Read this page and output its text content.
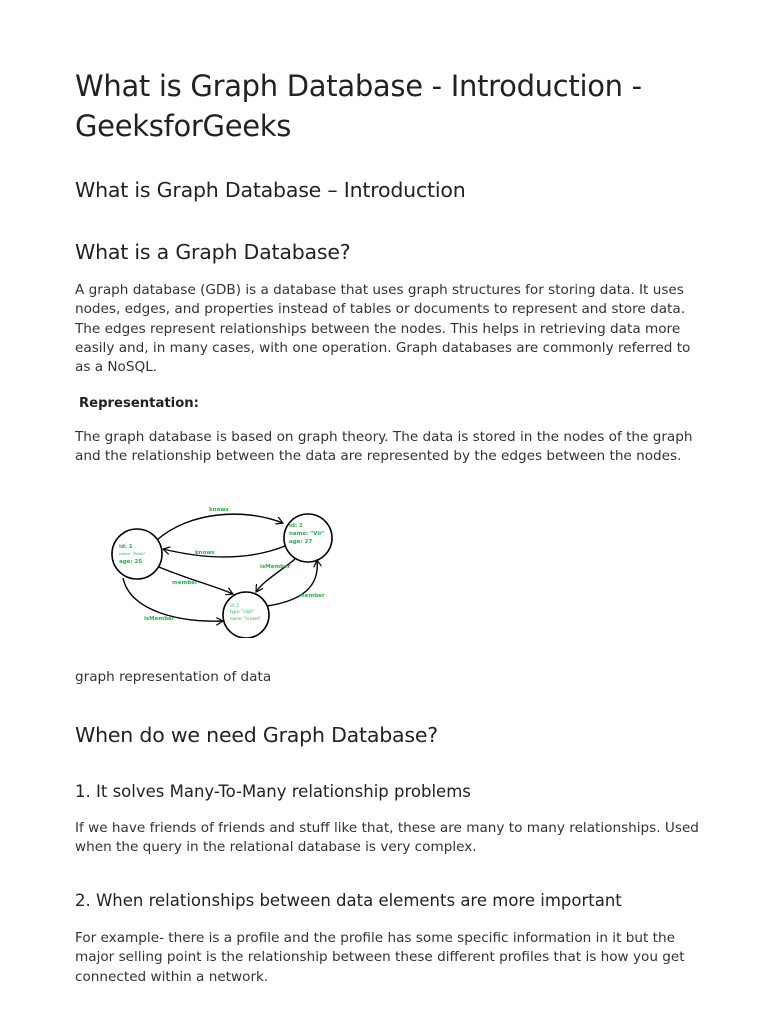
What is Graph Database - Introduction - GeeksforGeeks
What is Graph Database – Introduction
What is a Graph Database?

A graph database (GDB) is a database that uses graph structures for storing data. It uses nodes, edges, and properties instead of tables or documents to represent and store data. The edges represent relationships between the nodes. This helps in retrieving data more easily and, in many cases, with one operation. Graph databases are commonly referred to as a NoSQL.

Representation:

The graph database is based on graph theory. The data is stored in the nodes of the graph and the relationship between the data are represented by the edges between the nodes.

id: 1
name: "Rohit"
age: 25
id: 2
name: "Vir"
age: 27
id: 3
type: "club"
name: "cricket"
knows
knows
member
isMember
isMember
member
graph representation of data
When do we need Graph Database?
1. It solves Many-To-Many relationship problems

If we have friends of friends and stuff like that, these are many to many relationships. Used when the query in the relational database is very complex.

2. When relationships between data elements are more important

For example- there is a profile and the profile has some specific information in it but the major selling point is the relationship between these different profiles that is how you get connected within a network.
